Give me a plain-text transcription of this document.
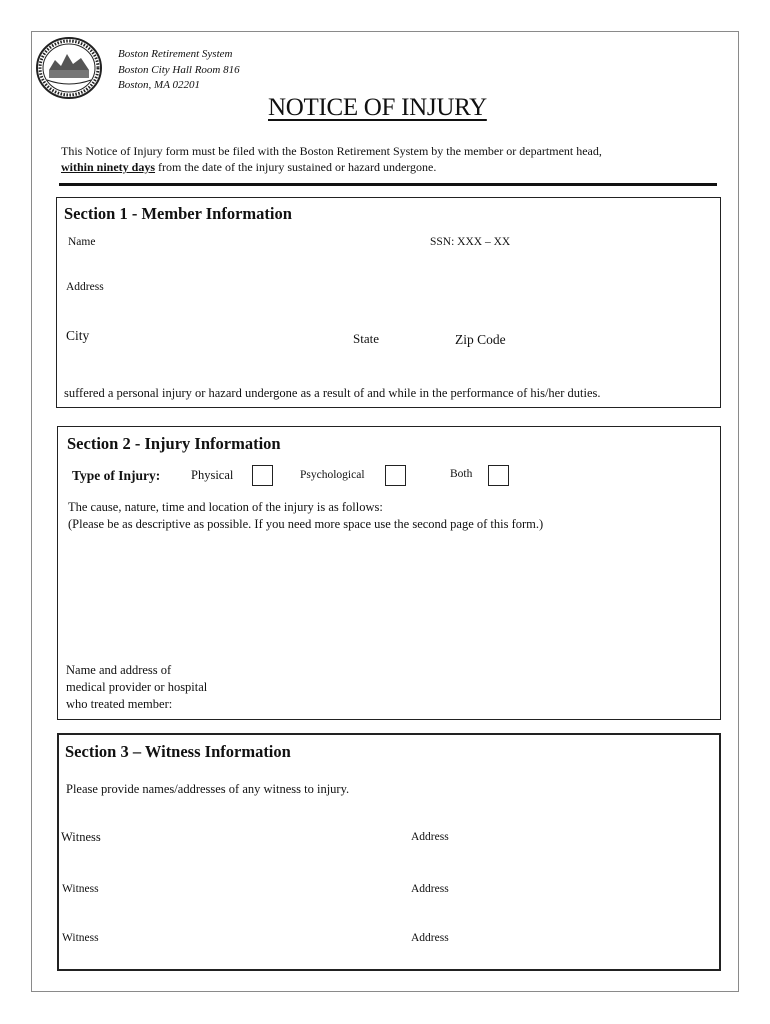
Boston Retirement System
Boston City Hall Room 816
Boston, MA 02201
NOTICE OF INJURY
This Notice of Injury form must be filed with the Boston Retirement System by the member or department head,
within ninety days from the date of the injury sustained or hazard undergone.
Section 1 - Member Information
Name	SSN: XXX – XX
Address
City	State	Zip Code
suffered a personal injury or hazard undergone as a result of and while in the performance of his/her duties.
Section 2 - Injury Information
Type of Injury: Physical	Psychological	Both
The cause, nature, time and location of the injury is as follows:
(Please be as descriptive as possible. If you need more space use the second page of this form.)
Name and address of
medical provider or hospital
who treated member:
Section 3 – Witness Information
Please provide names/addresses of any witness to injury.
Witness	Address
Witness	Address
Witness	Address
